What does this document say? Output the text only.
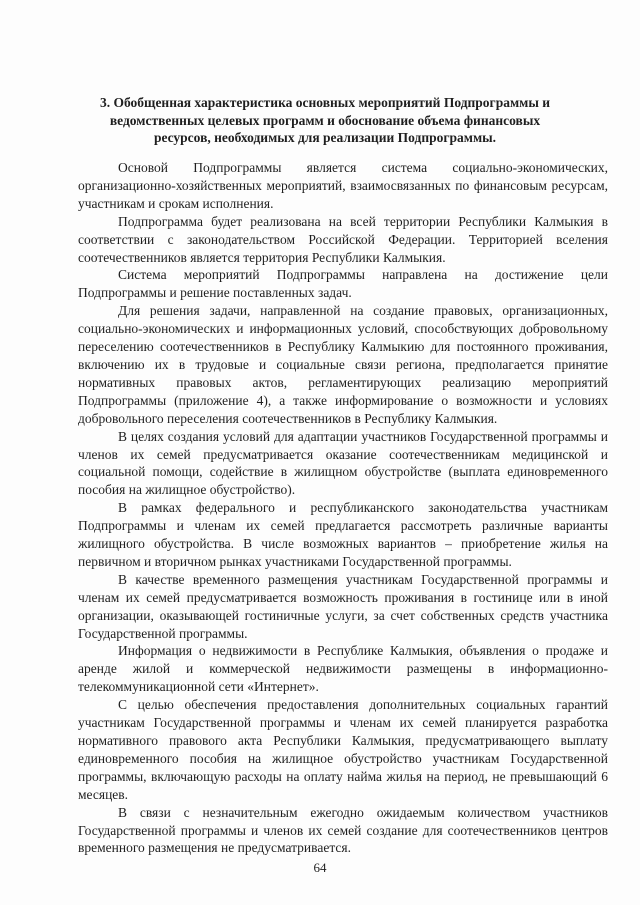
3. Обобщенная характеристика основных мероприятий Подпрограммы и ведомственных целевых программ и обоснование объема финансовых ресурсов, необходимых для реализации Подпрограммы.

Основой Подпрограммы является система социально-экономических, организационно-хозяйственных мероприятий, взаимосвязанных по финансовым ресурсам, участникам и срокам исполнения.

Подпрограмма будет реализована на всей территории Республики Калмыкия в соответствии с законодательством Российской Федерации. Территорией вселения соотечественников является территория Республики Калмыкия.

Система мероприятий Подпрограммы направлена на достижение цели Подпрограммы и решение поставленных задач.

Для решения задачи, направленной на создание правовых, организационных, социально-экономических и информационных условий, способствующих добровольному переселению соотечественников в Республику Калмыкию для постоянного проживания, включению их в трудовые и социальные связи региона, предполагается принятие нормативных правовых актов, регламентирующих реализацию мероприятий Подпрограммы (приложение 4), а также информирование о возможности и условиях добровольного переселения соотечественников в Республику Калмыкия.

В целях создания условий для адаптации участников Государственной программы и членов их семей предусматривается оказание соотечественникам медицинской и социальной помощи, содействие в жилищном обустройстве (выплата единовременного пособия на жилищное обустройство).

В рамках федерального и республиканского законодательства участникам Подпрограммы и членам их семей предлагается рассмотреть различные варианты жилищного обустройства. В числе возможных вариантов – приобретение жилья на первичном и вторичном рынках участниками Государственной программы.

В качестве временного размещения участникам Государственной программы и членам их семей предусматривается возможность проживания в гостинице или в иной организации, оказывающей гостиничные услуги, за счет собственных средств участника Государственной программы.

Информация о недвижимости в Республике Калмыкия, объявления о продаже и аренде жилой и коммерческой недвижимости размещены в информационно-телекоммуникационной сети «Интернет».

С целью обеспечения предоставления дополнительных социальных гарантий участникам Государственной программы и членам их семей планируется разработка нормативного правового акта Республики Калмыкия, предусматривающего выплату единовременного пособия на жилищное обустройство участникам Государственной программы, включающую расходы на оплату найма жилья на период, не превышающий 6 месяцев.

В связи с незначительным ежегодно ожидаемым количеством участников Государственной программы и членов их семей создание для соотечественников центров временного размещения не предусматривается.

64
